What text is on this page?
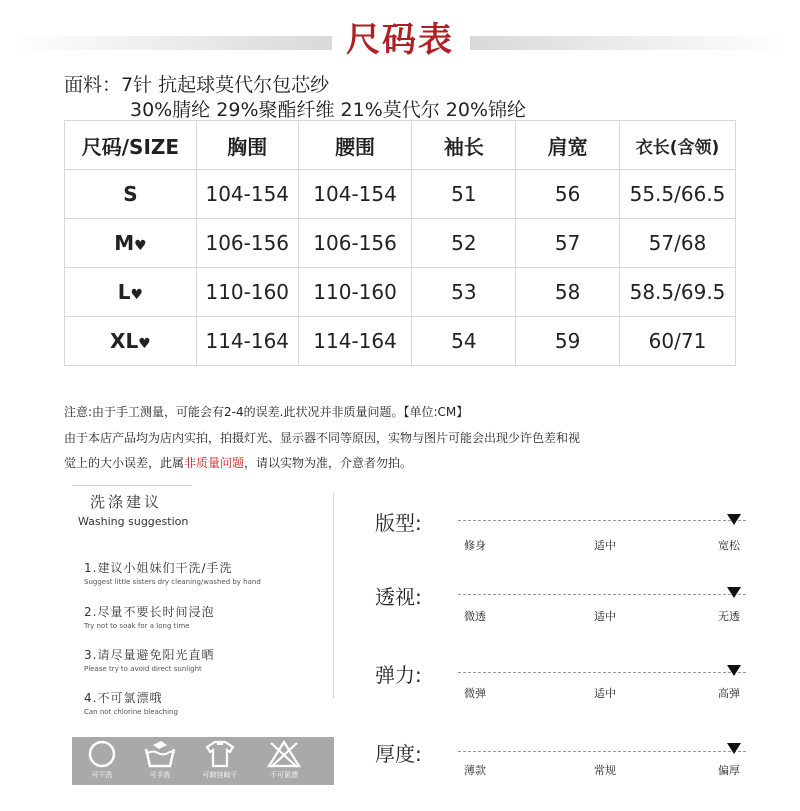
尺码表
面料：7针 抗起球莫代尔包芯纱
30%腈纶 29%聚酯纤维 21%莫代尔 20%锦纶
尺码/SIZE	胸围	腰围	袖长	肩宽	衣长(含领)
S	104-154	104-154	51	56	55.5/66.5
M♥	106-156	106-156	52	57	57/68
L♥	110-160	110-160	53	58	58.5/69.5
XL♥	114-164	114-164	54	59	60/71
注意:由于手工测量，可能会有2-4的误差.此状况并非质量问题。【单位:CM】
由于本店产品均为店内实拍，拍摄灯光、显示器不同等原因，实物与图片可能会出现少许色差和视
觉上的大小误差，此属非质量问题，请以实物为准，介意者勿拍。
洗涤建议
Washing suggestion
1.建议小姐妹们干洗/手洗
Suggest little sisters dry cleaning/washed by hand
2.尽量不要长时间浸泡
Try not to soak for a long time
3.请尽量避免阳光直晒
Please try to avoid direct sunlight
4.不可氯漂哦
Can not chlorine bleaching
可干洗	可手洗	可晾挂晾干	不可氯漂
版型:
修身	适中	宽松
透视:
微透	适中	无透
弹力:
微弹	适中	高弹
厚度:
薄款	常规	偏厚
